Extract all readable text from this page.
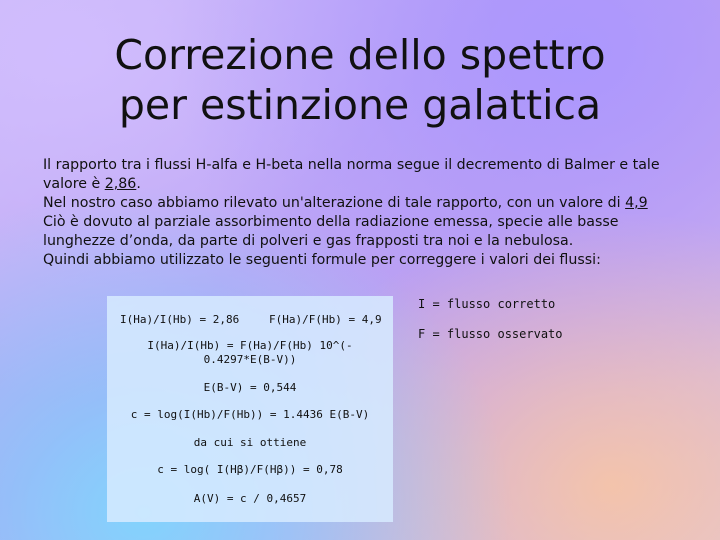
Correzione dello spettro
per estinzione galattica

Il rapporto tra i flussi H-alfa e H-beta nella norma segue il decremento di Balmer e tale valore è 2,86.

Nel nostro caso abbiamo rilevato un'alterazione di tale rapporto, con un valore di 4,9

Ciò è dovuto al parziale assorbimento della radiazione emessa, specie alle basse lunghezze d’onda, da parte di polveri e gas frapposti tra noi e la nebulosa.

Quindi abbiamo utilizzato le seguenti formule per correggere i valori dei flussi:

I(Ha)/I(Hb) = 2,86	F(Ha)/F(Hb) = 4,9
I(Ha)/I(Hb) = F(Ha)/F(Hb) 10^(-
0.4297*E(B-V))
E(B-V) = 0,544
c = log(I(Hb)/F(Hb)) = 1.4436 E(B-V)
da cui si ottiene
c = log( I(Hβ)/F(Hβ)) = 0,78
A(V) = c / 0,4657
I = flusso corretto
F = flusso osservato
